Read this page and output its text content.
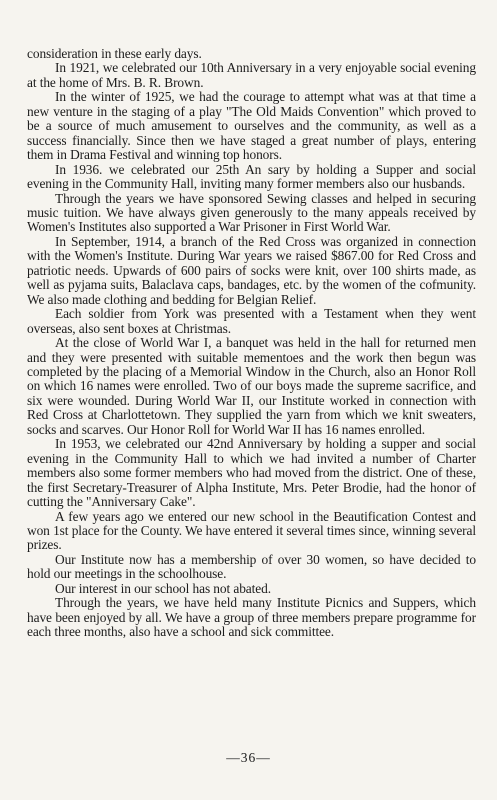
consideration in these early days.

In 1921, we celebrated our 10th Anniversary in a very enjoyable social evening at the home of Mrs. B. R. Brown.

In the winter of 1925, we had the courage to attempt what was at that time a new venture in the staging of a play "The Old Maids Convention" which proved to be a source of much amusement to ourselves and the community, as well as a success financially. Since then we have staged a great number of plays, entering them in Drama Festival and winning top honors.

In 1936. we celebrated our 25th An sary by holding a Supper and social evening in the Community Hall, inviting many former members also our husbands.

Through the years we have sponsored Sewing classes and helped in securing music tuition. We have always given generously to the many appeals received by Women's Institutes also supported a War Prisoner in First World War.

In September, 1914, a branch of the Red Cross was organized in connection with the Women's Institute. During War years we raised $867.00 for Red Cross and patriotic needs. Upwards of 600 pairs of socks were knit, over 100 shirts made, as well as pyjama suits, Balaclava caps, bandages, etc. by the women of the cofmunity. We also made clothing and bedding for Belgian Relief.

Each soldier from York was presented with a Testament when they went overseas, also sent boxes at Christmas.

At the close of World War I, a banquet was held in the hall for returned men and they were presented with suitable mementoes and the work then begun was completed by the placing of a Memorial Window in the Church, also an Honor Roll on which 16 names were enrolled. Two of our boys made the supreme sacrifice, and six were wounded. During World War II, our Institute worked in connection with Red Cross at Charlottetown. They supplied the yarn from which we knit sweaters, socks and scarves. Our Honor Roll for World War II has 16 names enrolled.

In 1953, we celebrated our 42nd Anniversary by holding a supper and social evening in the Community Hall to which we had invited a number of Charter members also some former members who had moved from the district. One of these, the first Secretary-Treasurer of Alpha Institute, Mrs. Peter Brodie, had the honor of cutting the "Anniversary Cake".

A few years ago we entered our new school in the Beautification Contest and won 1st place for the County. We have entered it several times since, winning several prizes.

Our Institute now has a membership of over 30 women, so have decided to hold our meetings in the schoolhouse.

Our interest in our school has not abated.

Through the years, we have held many Institute Picnics and Suppers, which have been enjoyed by all. We have a group of three members prepare programme for each three months, also have a school and sick committee.

—36—
